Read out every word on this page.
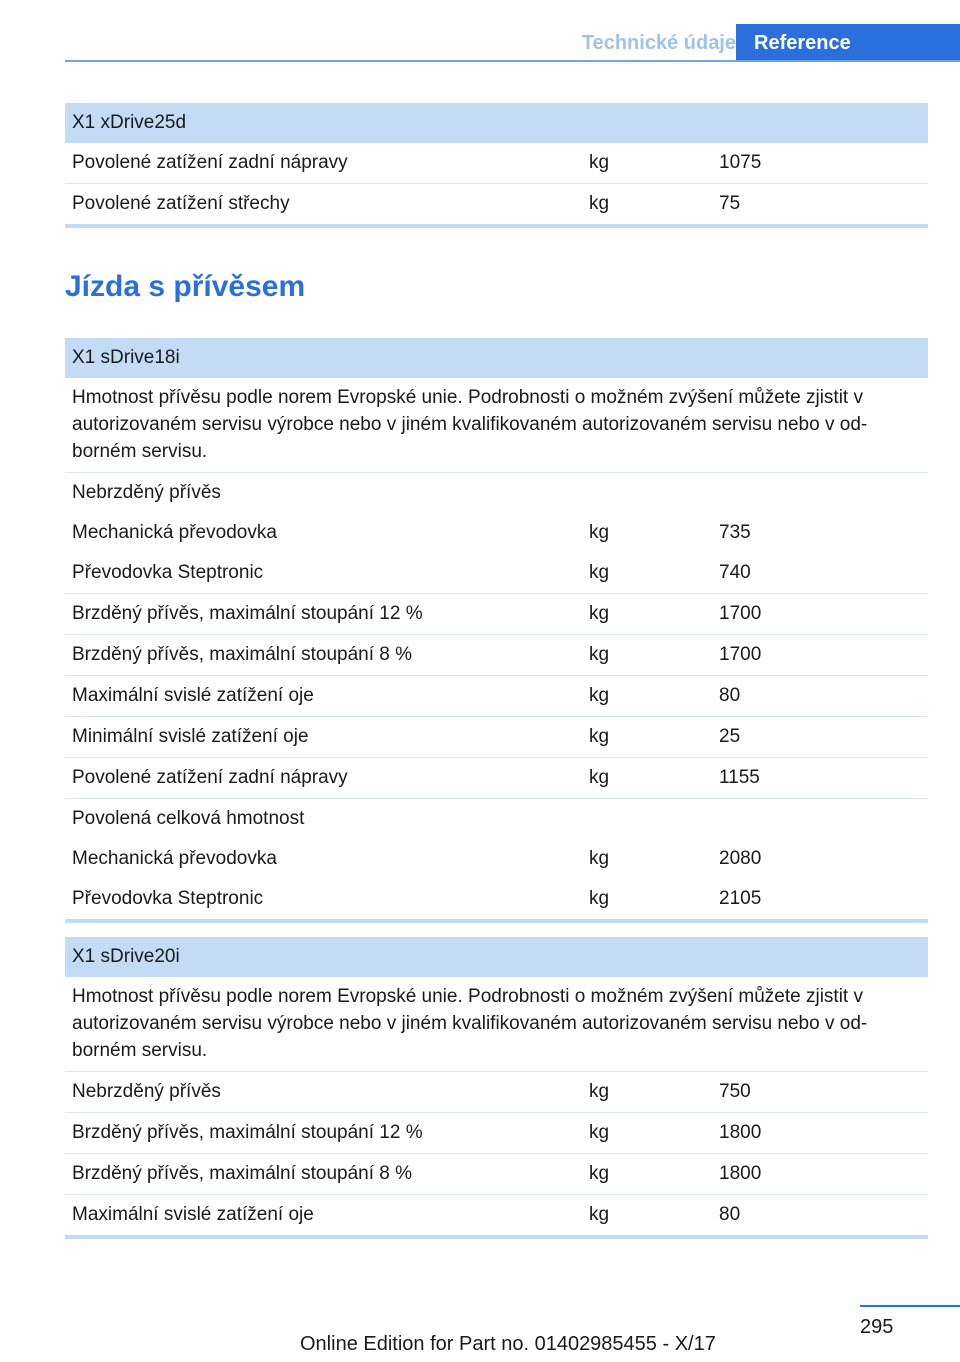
Technické údaje Reference
X1 xDrive25d
Povolené zatížení zadní nápravy	kg	1075
Povolené zatížení střechy	kg	75
Jízda s přívěsem
X1 sDrive18i
Hmotnost přívěsu podle norem Evropské unie. Podrobnosti o možném zvýšení můžete zjistit v autorizovaném servisu výrobce nebo v jiném kvalifikovaném autorizovaném servisu nebo v odborném servisu.
Nebrzděný přívěs
Mechanická převodovka	kg	735
Převodovka Steptronic	kg	740
Brzděný přívěs, maximální stoupání 12 %	kg	1700
Brzděný přívěs, maximální stoupání 8 %	kg	1700
Maximální svislé zatížení oje	kg	80
Minimální svislé zatížení oje	kg	25
Povolené zatížení zadní nápravy	kg	1155
Povolená celková hmotnost
Mechanická převodovka	kg	2080
Převodovka Steptronic	kg	2105
X1 sDrive20i
Hmotnost přívěsu podle norem Evropské unie. Podrobnosti o možném zvýšení můžete zjistit v autorizovaném servisu výrobce nebo v jiném kvalifikovaném autorizovaném servisu nebo v odborném servisu.
Nebrzděný přívěs	kg	750
Brzděný přívěs, maximální stoupání 12 %	kg	1800
Brzděný přívěs, maximální stoupání 8 %	kg	1800
Maximální svislé zatížení oje	kg	80
295
Online Edition for Part no. 01402985455 - X/17
